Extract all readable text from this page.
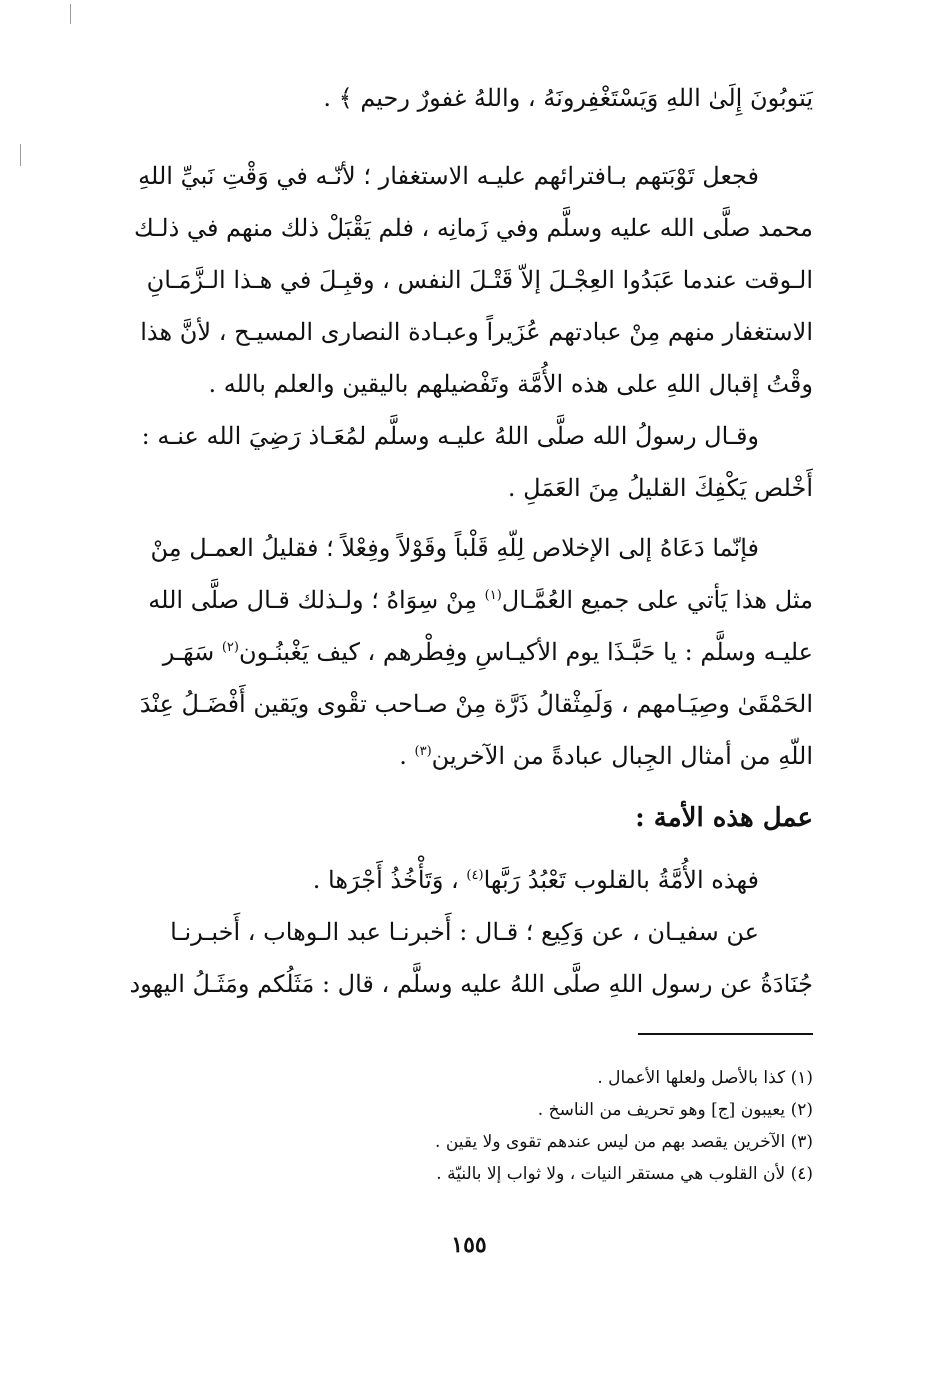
يَتوبُونَ إِلَىٰ اللهِ وَيَسْتَغْفِرونَهُ ، واللهُ غفورٌ رحيم ﴾ .
فجعل تَوْبَتهم بـافترائهم عليـه الاستغفار ؛ لأنّـه في وَقْتِ نَبيِّ اللهِ
محمد صلَّى الله عليه وسلَّم وفي زَمانِه ، فلم يَقْبَلْ ذلك منهم في ذلـك
الـوقت عندما عَبَدُوا العِجْـلَ إلاّ قَتْـلَ النفس ، وقبِـلَ في هـذا الـزَّمَـانِ
الاستغفار منهم مِنْ عبادتهم عُزَيراً وعبـادة النصارى المسيـح ، لأنَّ هذا
وقْتُ إقبال اللهِ على هذه الأُمَّة وتَفْضيلهم باليقين والعلم بالله .
وقـال رسولُ الله صلَّى اللهُ عليـه وسلَّم لمُعَـاذ رَضِيَ الله عنـه :
أَخْلص يَكْفِكَ القليلُ مِنَ العَمَلِ .
فإنّما دَعَاهُ إلى الإخلاص لِلّهِ قَلْباً وقَوْلاً وفِعْلاً ؛ فقليلُ العمـل مِنْ
مثل هذا يَأتي على جميع العُمَّـال$^{(١)}$ مِنْ سِوَاهُ ؛ ولـذلك قـال صلَّى الله
عليـه وسلَّم : يا حَبَّـذَا يوم الأكيـاسِ وفِطْرهم ، كيف يَغْبنُـون$^{(٢)}$ سَهَـر
الحَمْقَىٰ وصِيَـامهم ، وَلَمِثْقالُ ذَرَّة مِنْ صـاحب تقْوى ويَقين أَفْضَـلُ عِنْدَ
اللّهِ من أمثال الجِبال عبادةً من الآخرين$^{(٣)}$ .
عمل هذه الأمة :
فهذه الأُمَّةُ بالقلوب تَعْبُدُ رَبَّها$^{(٤)}$ ، وَتَأْخُذُ أَجْرَها .
عن سفيـان ، عن وَكِيع ؛ قـال : أَخبرنـا عبد الـوهاب ، أَخبـرنـا
جُنَادَةُ عن رسول اللهِ صلَّى اللهُ عليه وسلَّم ، قال : مَثَلُكم ومَثَـلُ اليهود
(١) كذا بالأصل ولعلها الأعمال .
(٢) يعيبون [ج] وهو تحريف من الناسخ .
(٣) الآخرين يقصد بهم من ليس عندهم تقوى ولا يقين .
(٤) لأن القلوب هي مستقر النيات ، ولا ثواب إلا بالنيّة .
١٥٥
